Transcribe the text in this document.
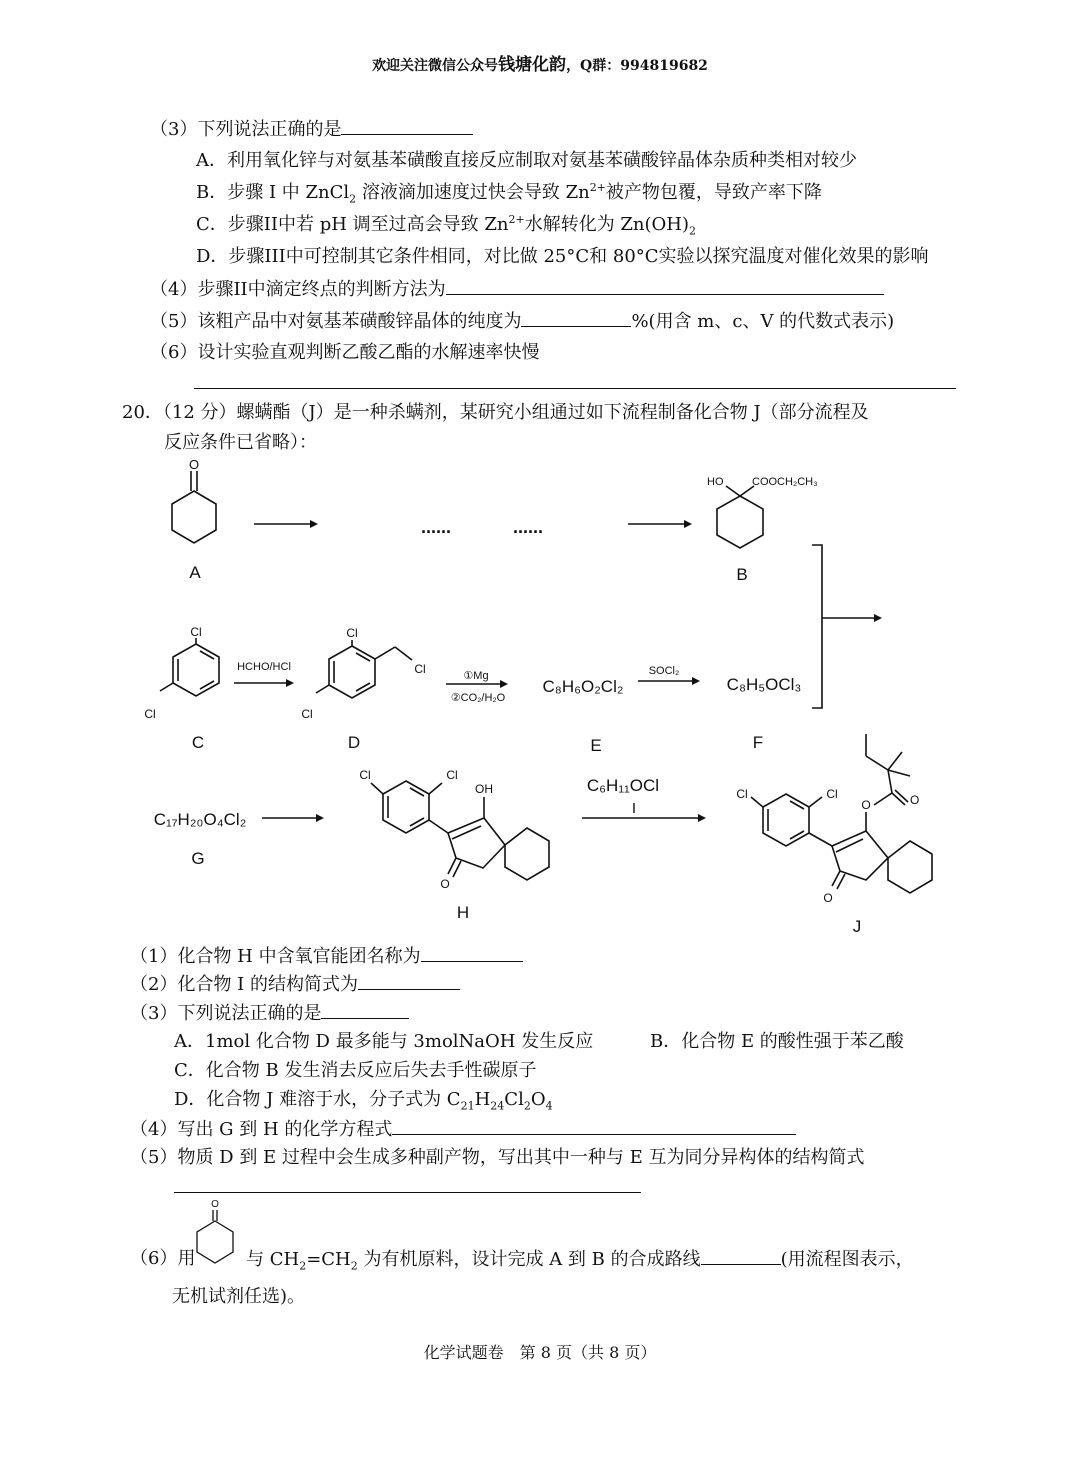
欢迎关注微信公众号钱塘化韵，Q群：994819682
（3）下列说法正确的是
A．利用氧化锌与对氨基苯磺酸直接反应制取对氨基苯磺酸锌晶体杂质种类相对较少
B．步骤 I 中 ZnCl$_2$ 溶液滴加速度过快会导致 $Zn^{2+}$被产物包覆，导致产率下降
C．步骤II中若 pH 调至过高会导致 $Zn^{2+}$水解转化为 $Zn(OH)_2$
D．步骤III中可控制其它条件相同，对比做 25°C和 80°C实验以探究温度对催化效果的影响
（4）步骤II中滴定终点的判断方法为
（5）该粗产品中对氨基苯磺酸锌晶体的纯度为	%(用含 m、c、V 的代数式表示)
（6）设计实验直观判断乙酸乙酯的水解速率快慢
20．（12 分）螺螨酯（J）是一种杀螨剂，某研究小组通过如下流程制备化合物 J（部分流程及
反应条件已省略）：
O
A
......	......
HO	COOCH₂CH₃
B
Cl
Cl
C
HCHO/HCl
Cl
Cl
Cl
D
①Mg
②CO₂/H₂O
C₈H₆O₂Cl₂
E
SOCl₂
C₈H₅OCl₃
F
C₁₇H₂₀O₄Cl₂
G
Cl	Cl
OH
O
H
C₆H₁₁OCl
I
Cl	Cl
O	O
O
J
（1）化合物 H 中含氧官能团名称为
（2）化合物 I 的结构简式为
（3）下列说法正确的是
A．1mol 化合物 D 最多能与 3molNaOH 发生反应	B．化合物 E 的酸性强于苯乙酸
C．化合物 B 发生消去反应后失去手性碳原子
D．化合物 J 难溶于水，分子式为 $C_{21}H_{24}Cl_2O_4$
（4）写出 G 到 H 的化学方程式
（5）物质 D 到 E 过程中会生成多种副产物，写出其中一种与 E 互为同分异构体的结构简式
（6）用
O
与 $CH_2=CH_2$ 为有机原料，设计完成 A 到 B 的合成路线	(用流程图表示，
无机试剂任选)。
化学试题卷　第 8 页（共 8 页）
